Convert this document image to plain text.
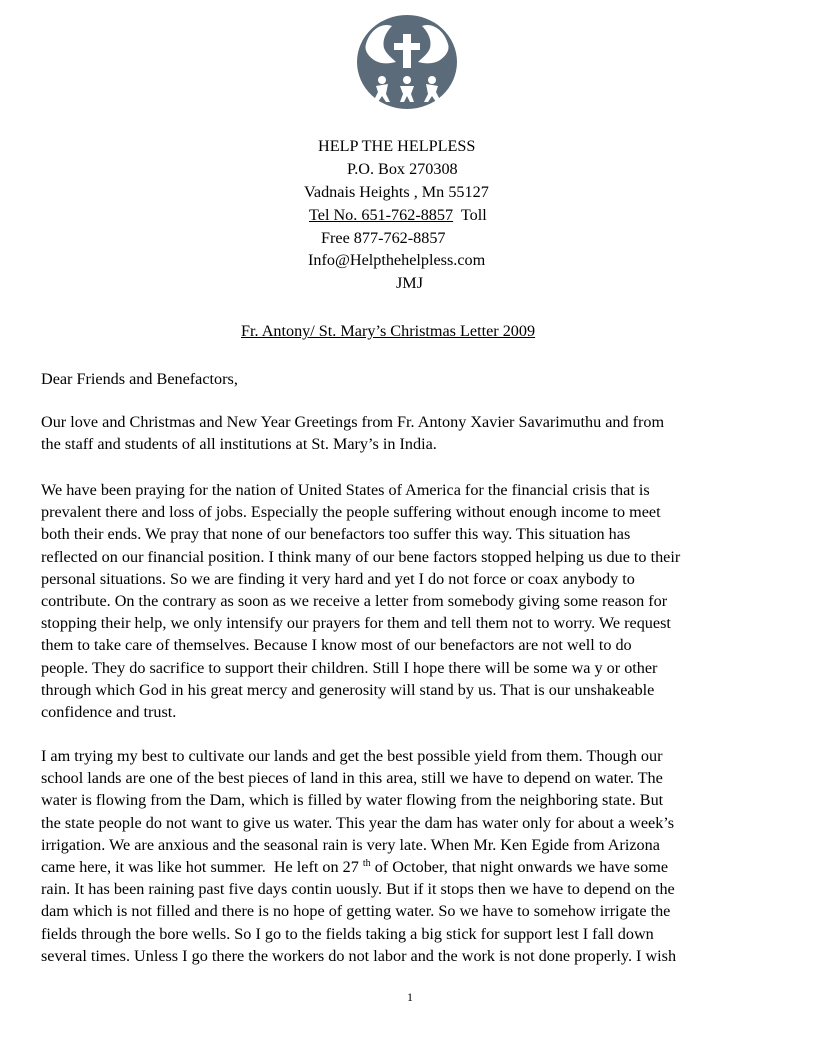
HELP THE HELPLESS
P.O. Box 270308
Vadnais Heights , Mn 55127
Tel No. 651-762-8857  Toll
Free 877-762-8857
Info@Helpthehelpless.com
JMJ
Fr. Antony/ St. Mary’s Christmas Letter 2009
Dear Friends and Benefactors,
Our love and Christmas and New Year Greetings from Fr. Antony Xavier Savarimuthu and from
the staff and students of all institutions at St. Mary’s in India.
We have been praying for the nation of United States of America for the financial crisis that is
prevalent there and loss of jobs. Especially the people suffering without enough income to meet
both their ends. We pray that none of our benefactors too suffer this way. This situation has
reflected on our financial position. I think many of our bene factors stopped helping us due to their
personal situations. So we are finding it very hard and yet I do not force or coax anybody to
contribute. On the contrary as soon as we receive a letter from somebody giving some reason for
stopping their help, we only intensify our prayers for them and tell them not to worry. We request
them to take care of themselves. Because I know most of our benefactors are not well to do
people. They do sacrifice to support their children. Still I hope there will be some wa y or other
through which God in his great mercy and generosity will stand by us. That is our unshakeable
confidence and trust.
I am trying my best to cultivate our lands and get the best possible yield from them. Though our
school lands are one of the best pieces of land in this area, still we have to depend on water. The
water is flowing from the Dam, which is filled by water flowing from the neighboring state. But
the state people do not want to give us water. This year the dam has water only for about a week’s
irrigation. We are anxious and the seasonal rain is very late. When Mr. Ken Egide from Arizona
came here, it was like hot summer.  He left on 27 $^{th}$ of October, that night onwards we have some
rain. It has been raining past five days contin uously. But if it stops then we have to depend on the
dam which is not filled and there is no hope of getting water. So we have to somehow irrigate the
fields through the bore wells. So I go to the fields taking a big stick for support lest I fall down
several times. Unless I go there the workers do not labor and the work is not done properly. I wish
1
